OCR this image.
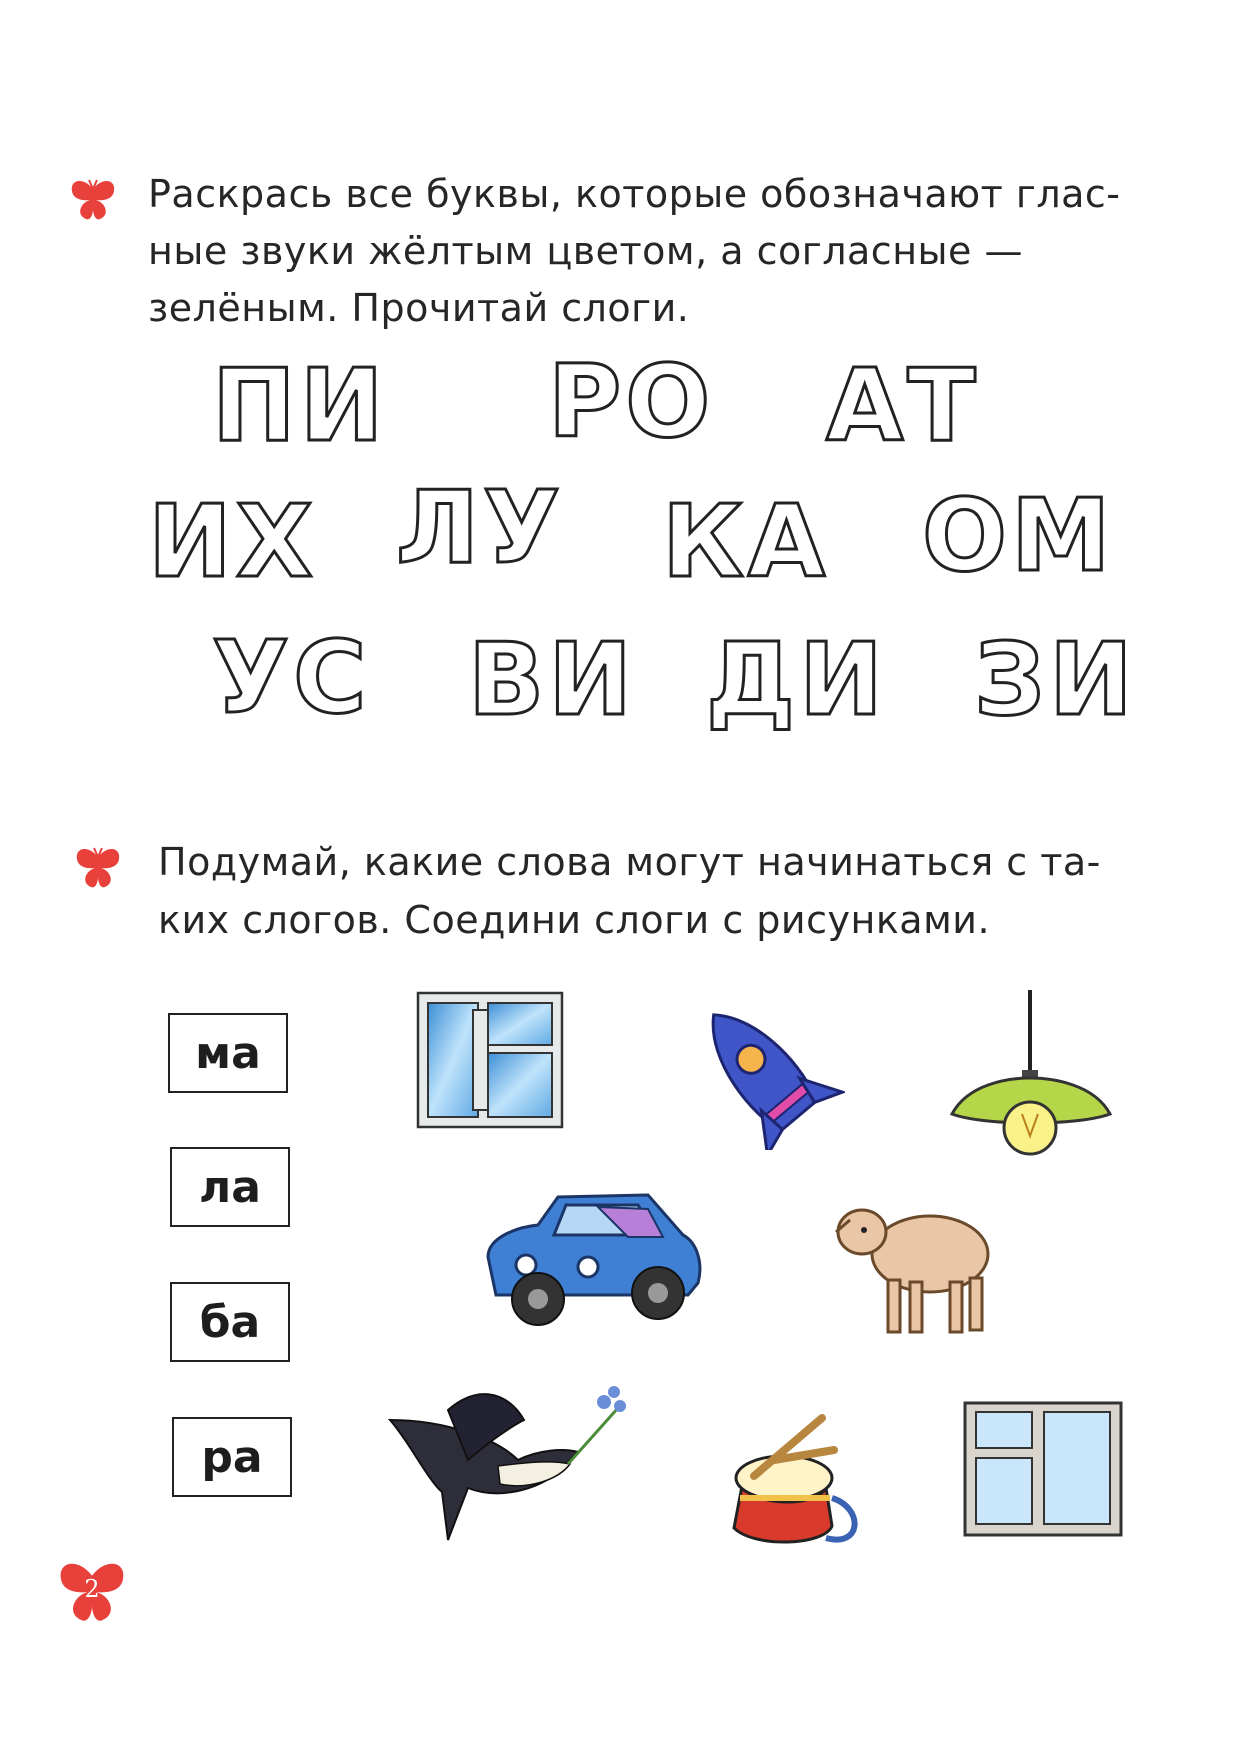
Раскрась все буквы, которые обозначают глас-
ные звуки жёлтым цветом, а согласные —
зелёным. Прочитай слоги.
ПИ РО АТ
ИХ ЛУ КА ОМ
УС ВИ ДИ ЗИ
Подумай, какие слова могут начинаться с та-
ких слогов. Соедини слоги с рисунками.
ма
ла
ба
ра
2
